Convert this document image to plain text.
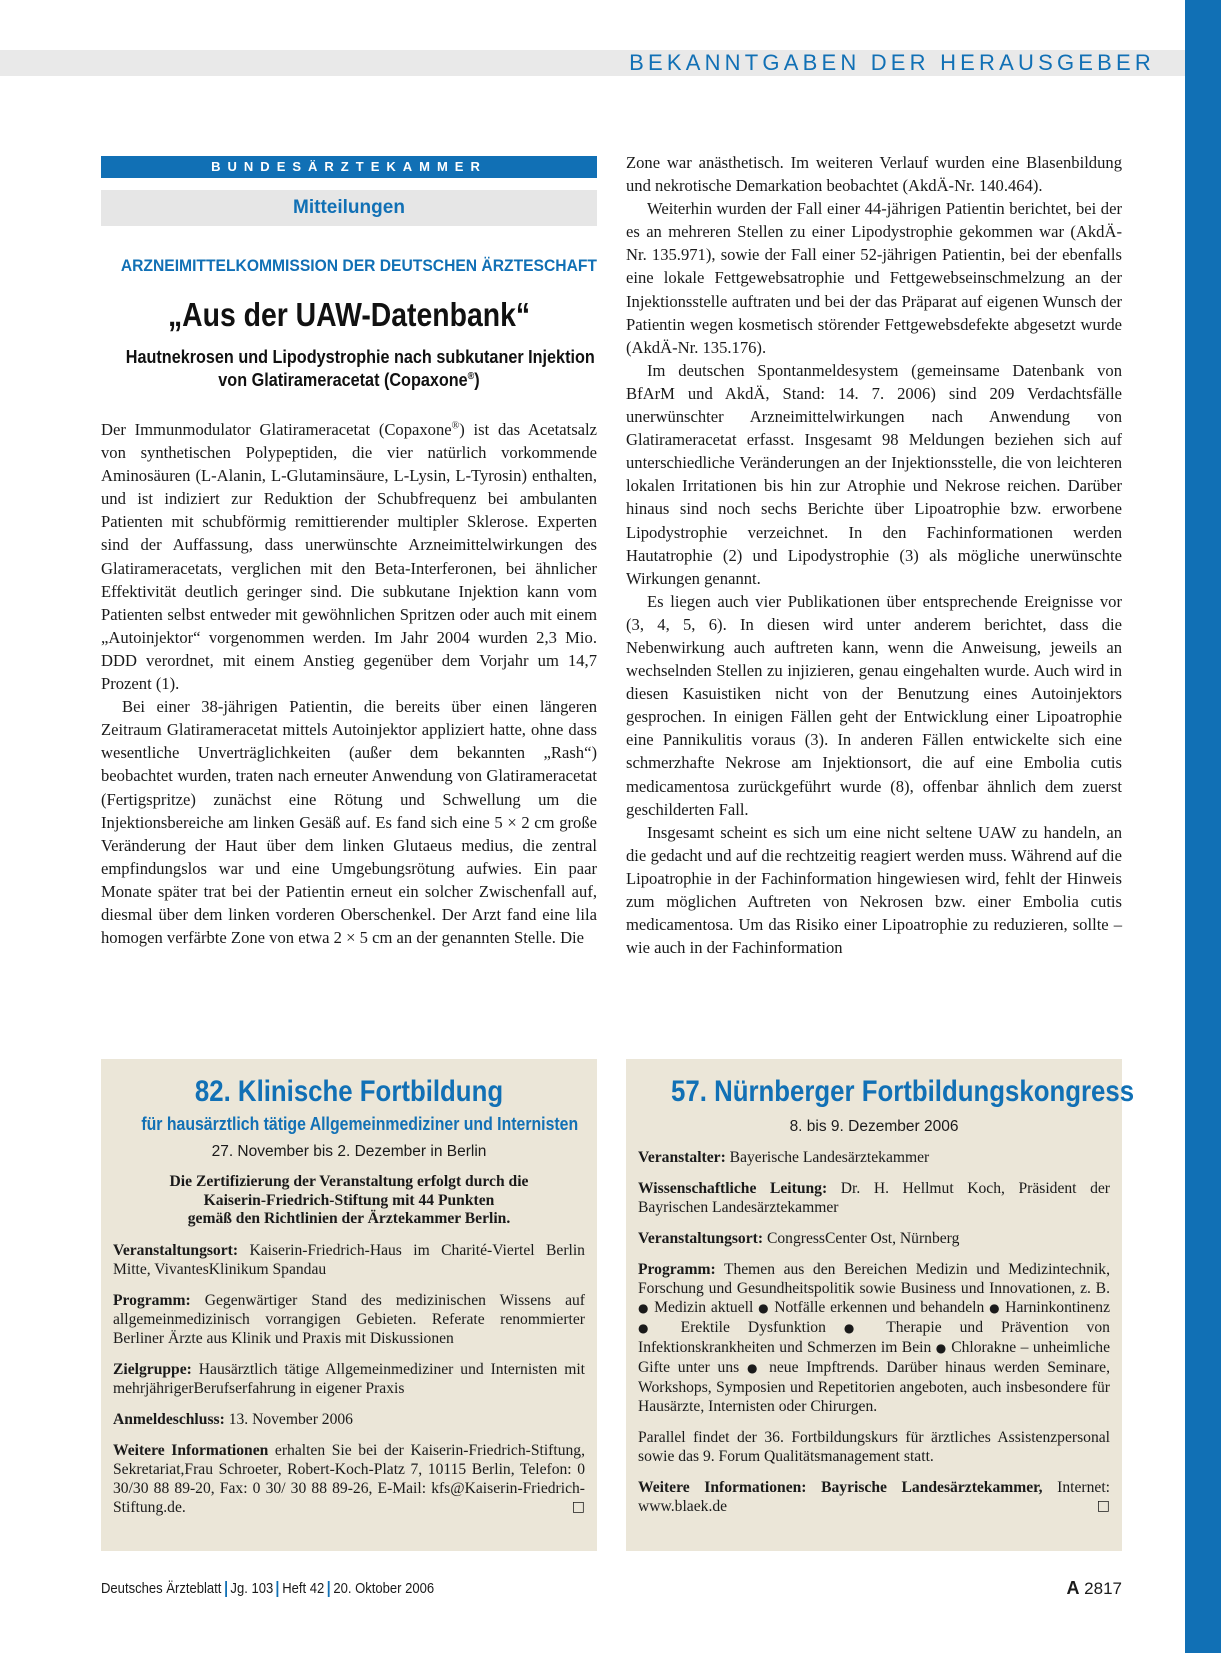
BEKANNTGABEN DER HERAUSGEBER
BUNDESÄRZTEKAMMER
Mitteilungen
ARZNEIMITTELKOMMISSION DER DEUTSCHEN ÄRZTESCHAFT
„Aus der UAW-Datenbank“
Hautnekrosen und Lipodystrophie nach subkutaner Injektion
von Glatirameracetat (Copaxone®)

Der Immunmodulator Glatirameracetat (Copaxone®) ist das Acetatsalz von synthetischen Polypeptiden, die vier natürlich vorkommende Aminosäuren (L-Alanin, L-Glutaminsäure, L-Lysin, L-Tyrosin) enthalten, und ist indiziert zur Reduktion der Schubfrequenz bei ambulanten Patienten mit schubförmig remittierender multipler Sklerose. Experten sind der Auffassung, dass unerwünschte Arzneimittelwirkungen des Glatirameracetats, verglichen mit den Beta-Interferonen, bei ähnlicher Effektivität deutlich geringer sind. Die subkutane Injektion kann vom Patienten selbst entweder mit gewöhnlichen Spritzen oder auch mit einem „Autoinjektor“ vorgenommen werden. Im Jahr 2004 wurden 2,3 Mio. DDD verordnet, mit einem Anstieg gegenüber dem Vorjahr um 14,7 Prozent (1).

Bei einer 38-jährigen Patientin, die bereits über einen längeren Zeitraum Glatirameracetat mittels Autoinjektor appliziert hatte, ohne dass wesentliche Unverträglichkeiten (außer dem bekannten „Rash“) beobachtet wurden, traten nach erneuter Anwendung von Glatirameracetat (Fertigspritze) zunächst eine Rötung und Schwellung um die Injektionsbereiche am linken Gesäß auf. Es fand sich eine 5 × 2 cm große Veränderung der Haut über dem linken Glutaeus medius, die zentral empfindungslos war und eine Umgebungsrötung aufwies. Ein paar Monate später trat bei der Patientin erneut ein solcher Zwischenfall auf, diesmal über dem linken vorderen Oberschenkel. Der Arzt fand eine lila homogen verfärbte Zone von etwa 2 × 5 cm an der genannten Stelle. Die

Zone war anästhetisch. Im weiteren Verlauf wurden eine Blasenbildung und nekrotische Demarkation beobachtet (AkdÄ-Nr. 140.464).

Weiterhin wurden der Fall einer 44-jährigen Patientin berichtet, bei der es an mehreren Stellen zu einer Lipodystrophie gekommen war (AkdÄ-Nr. 135.971), sowie der Fall einer 52-jährigen Patientin, bei der ebenfalls eine lokale Fettgewebsatrophie und Fettgewebseinschmelzung an der Injektionsstelle auftraten und bei der das Präparat auf eigenen Wunsch der Patientin wegen kosmetisch störender Fettgewebsdefekte abgesetzt wurde (AkdÄ-Nr. 135.176).

Im deutschen Spontanmeldesystem (gemeinsame Datenbank von BfArM und AkdÄ, Stand: 14. 7. 2006) sind 209 Verdachtsfälle unerwünschter Arzneimittelwirkungen nach Anwendung von Glatirameracetat erfasst. Insgesamt 98 Meldungen beziehen sich auf unterschiedliche Veränderungen an der Injektionsstelle, die von leichteren lokalen Irritationen bis hin zur Atrophie und Nekrose reichen. Darüber hinaus sind noch sechs Berichte über Lipoatrophie bzw. erworbene Lipodystrophie verzeichnet. In den Fachinformationen werden Hautatrophie (2) und Lipodystrophie (3) als mögliche unerwünschte Wirkungen genannt.

Es liegen auch vier Publikationen über entsprechende Ereignisse vor (3, 4, 5, 6). In diesen wird unter anderem berichtet, dass die Nebenwirkung auch auftreten kann, wenn die Anweisung, jeweils an wechselnden Stellen zu injizieren, genau eingehalten wurde. Auch wird in diesen Kasuistiken nicht von der Benutzung eines Autoinjektors gesprochen. In einigen Fällen geht der Entwicklung einer Lipoatrophie eine Pannikulitis voraus (3). In anderen Fällen entwickelte sich eine schmerzhafte Nekrose am Injektionsort, die auf eine Embolia cutis medicamentosa zurückgeführt wurde (8), offenbar ähnlich dem zuerst geschilderten Fall.

Insgesamt scheint es sich um eine nicht seltene UAW zu handeln, an die gedacht und auf die rechtzeitig reagiert werden muss. Während auf die Lipoatrophie in der Fachinformation hingewiesen wird, fehlt der Hinweis zum möglichen Auftreten von Nekrosen bzw. einer Embolia cutis medicamentosa. Um das Risiko einer Lipoatrophie zu reduzieren, sollte – wie auch in der Fachinformation

82. Klinische Fortbildung
für hausärztlich tätige Allgemeinmediziner und Internisten
27. November bis 2. Dezember in Berlin
Die Zertifizierung der Veranstaltung erfolgt durch die
Kaiserin-Friedrich-Stiftung mit 44 Punkten
gemäß den Richtlinien der Ärztekammer Berlin.
Veranstaltungsort: Kaiserin-Friedrich-Haus im Charité-Viertel Berlin Mitte, VivantesKlinikum Spandau
Programm: Gegenwärtiger Stand des medizinischen Wissens auf allgemeinmedizinisch vorrangigen Gebieten. Referate renommierter Berliner Ärzte aus Klinik und Praxis mit Diskussionen
Zielgruppe: Hausärztlich tätige Allgemeinmediziner und Internisten mit mehrjährigerBerufserfahrung in eigener Praxis
Anmeldeschluss: 13. November 2006
Weitere Informationen erhalten Sie bei der Kaiserin-Friedrich-Stiftung, Sekretariat,Frau Schroeter, Robert-Koch-Platz 7, 10115 Berlin, Telefon: 0 30/30 88 89-20, Fax: 0 30/ 30 88 89-26, E-Mail: kfs@Kaiserin-Friedrich-Stiftung.de.	□
57. Nürnberger Fortbildungskongress
8. bis 9. Dezember 2006
Veranstalter: Bayerische Landesärztekammer
Wissenschaftliche Leitung: Dr. H. Hellmut Koch, Präsident der Bayrischen Landesärztekammer
Veranstaltungsort: CongressCenter Ost, Nürnberg
Programm: Themen aus den Bereichen Medizin und Medizintechnik, Forschung und Gesundheitspolitik sowie Business und Innovationen, z. B. ● Medizin aktuell ● Notfälle erkennen und behandeln ● Harninkontinenz ● Erektile Dysfunktion ● Therapie und Prävention von Infektionskrankheiten und Schmerzen im Bein ● Chlorakne – unheimliche Gifte unter uns ● neue Impftrends. Darüber hinaus werden Seminare, Workshops, Symposien und Repetitorien angeboten, auch insbesondere für Hausärzte, Internisten oder Chirurgen.
Parallel findet der 36. Fortbildungskurs für ärztliches Assistenzpersonal sowie das 9. Forum Qualitätsmanagement statt.
Weitere Informationen: Bayrische Landesärztekammer, Internet: www.blaek.de	□
Deutsches Ärzteblatt Jg. 103 Heft 42 20. Oktober 2006	A 2817
